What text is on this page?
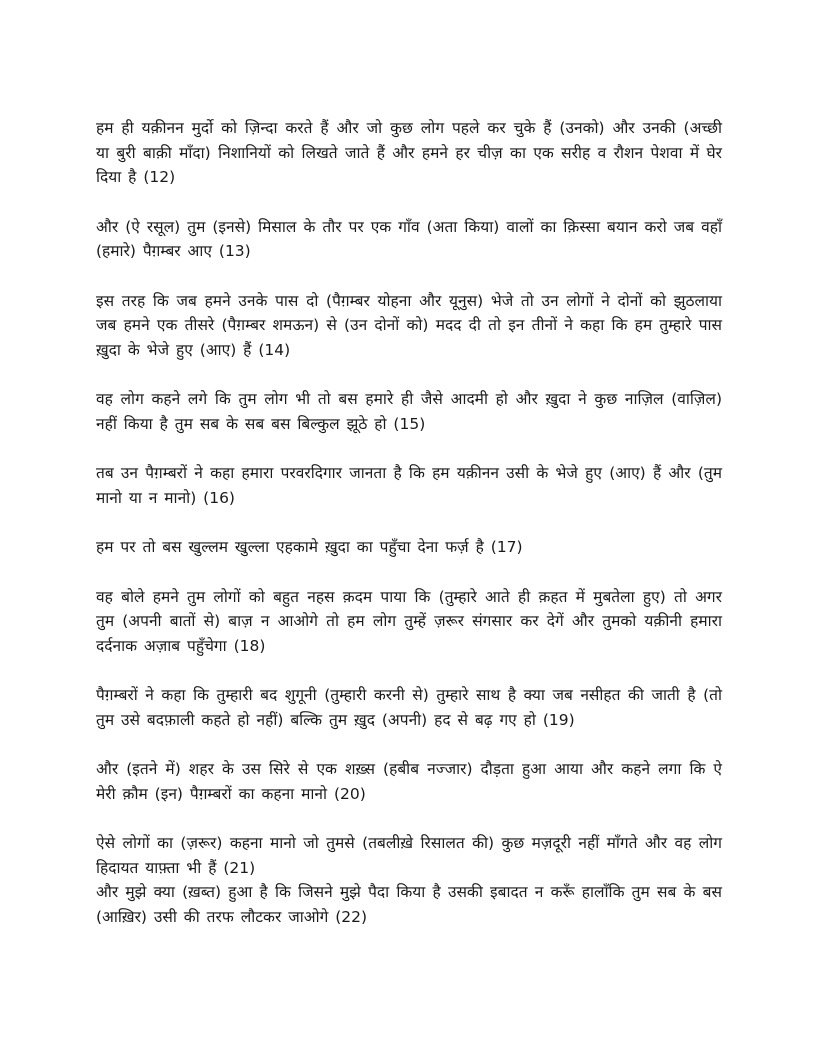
हम ही यक़ीनन मुर्दो को ज़िन्दा करते हैं और जो कुछ लोग पहले कर चुके हैं (उनको) और उनकी (अच्छी या बुरी बाक़ी माँदा) निशानियों को लिखते जाते हैं और हमने हर चीज़ का एक सरीह व रौशन पेशवा में घेर दिया है (12)

और (ऐ रसूल) तुम (इनसे) मिसाल के तौर पर एक गाँव (अता किया) वालों का क़िस्सा बयान करो जब वहाँ (हमारे) पैग़म्बर आए (13)

इस तरह कि जब हमने उनके पास दो (पैग़म्बर योहना और यूनुस) भेजे तो उन लोगों ने दोनों को झुठलाया जब हमने एक तीसरे (पैग़म्बर शमऊन) से (उन दोनों को) मदद दी तो इन तीनों ने कहा कि हम तुम्हारे पास ख़ुदा के भेजे हुए (आए) हैं (14)

वह लोग कहने लगे कि तुम लोग भी तो बस हमारे ही जैसे आदमी हो और ख़ुदा ने कुछ नाज़िल (वाज़िल) नहीं किया है तुम सब के सब बस बिल्कुल झूठे हो (15)

तब उन पैग़म्बरों ने कहा हमारा परवरदिगार जानता है कि हम यक़ीनन उसी के भेजे हुए (आए) हैं और (तुम मानो या न मानो) (16)

हम पर तो बस खुल्लम खुल्ला एहकामे ख़ुदा का पहुँचा देना फर्ज़ है (17)

वह बोले हमने तुम लोगों को बहुत नहस क़दम पाया कि (तुम्हारे आते ही क़हत में मुबतेला हुए) तो अगर तुम (अपनी बातों से) बाज़ न आओगे तो हम लोग तुम्हें ज़रूर संगसार कर देगें और तुमको यक़ीनी हमारा दर्दनाक अज़ाब पहुँचेगा (18)

पैग़म्बरों ने कहा कि तुम्हारी बद शुगूनी (तुम्हारी करनी से) तुम्हारे साथ है क्या जब नसीहत की जाती है (तो तुम उसे बदफ़ाली कहते हो नहीं) बल्कि तुम ख़ुद (अपनी) हद से बढ़ गए हो (19)

और (इतने में) शहर के उस सिरे से एक शख़्स (हबीब नज्जार) दौड़ता हुआ आया और कहने लगा कि ऐ मेरी क़ौम (इन) पैग़म्बरों का कहना मानो (20)

ऐसे लोगों का (ज़रूर) कहना मानो जो तुमसे (तबलीख़े रिसालत की) कुछ मज़दूरी नहीं माँगते और वह लोग हिदायत याफ़्ता भी हैं (21)

और मुझे क्या (ख़ब्त) हुआ है कि जिसने मुझे पैदा किया है उसकी इबादत न करूँ हालाँकि तुम सब के बस (आख़िर) उसी की तरफ लौटकर जाओगे (22)
